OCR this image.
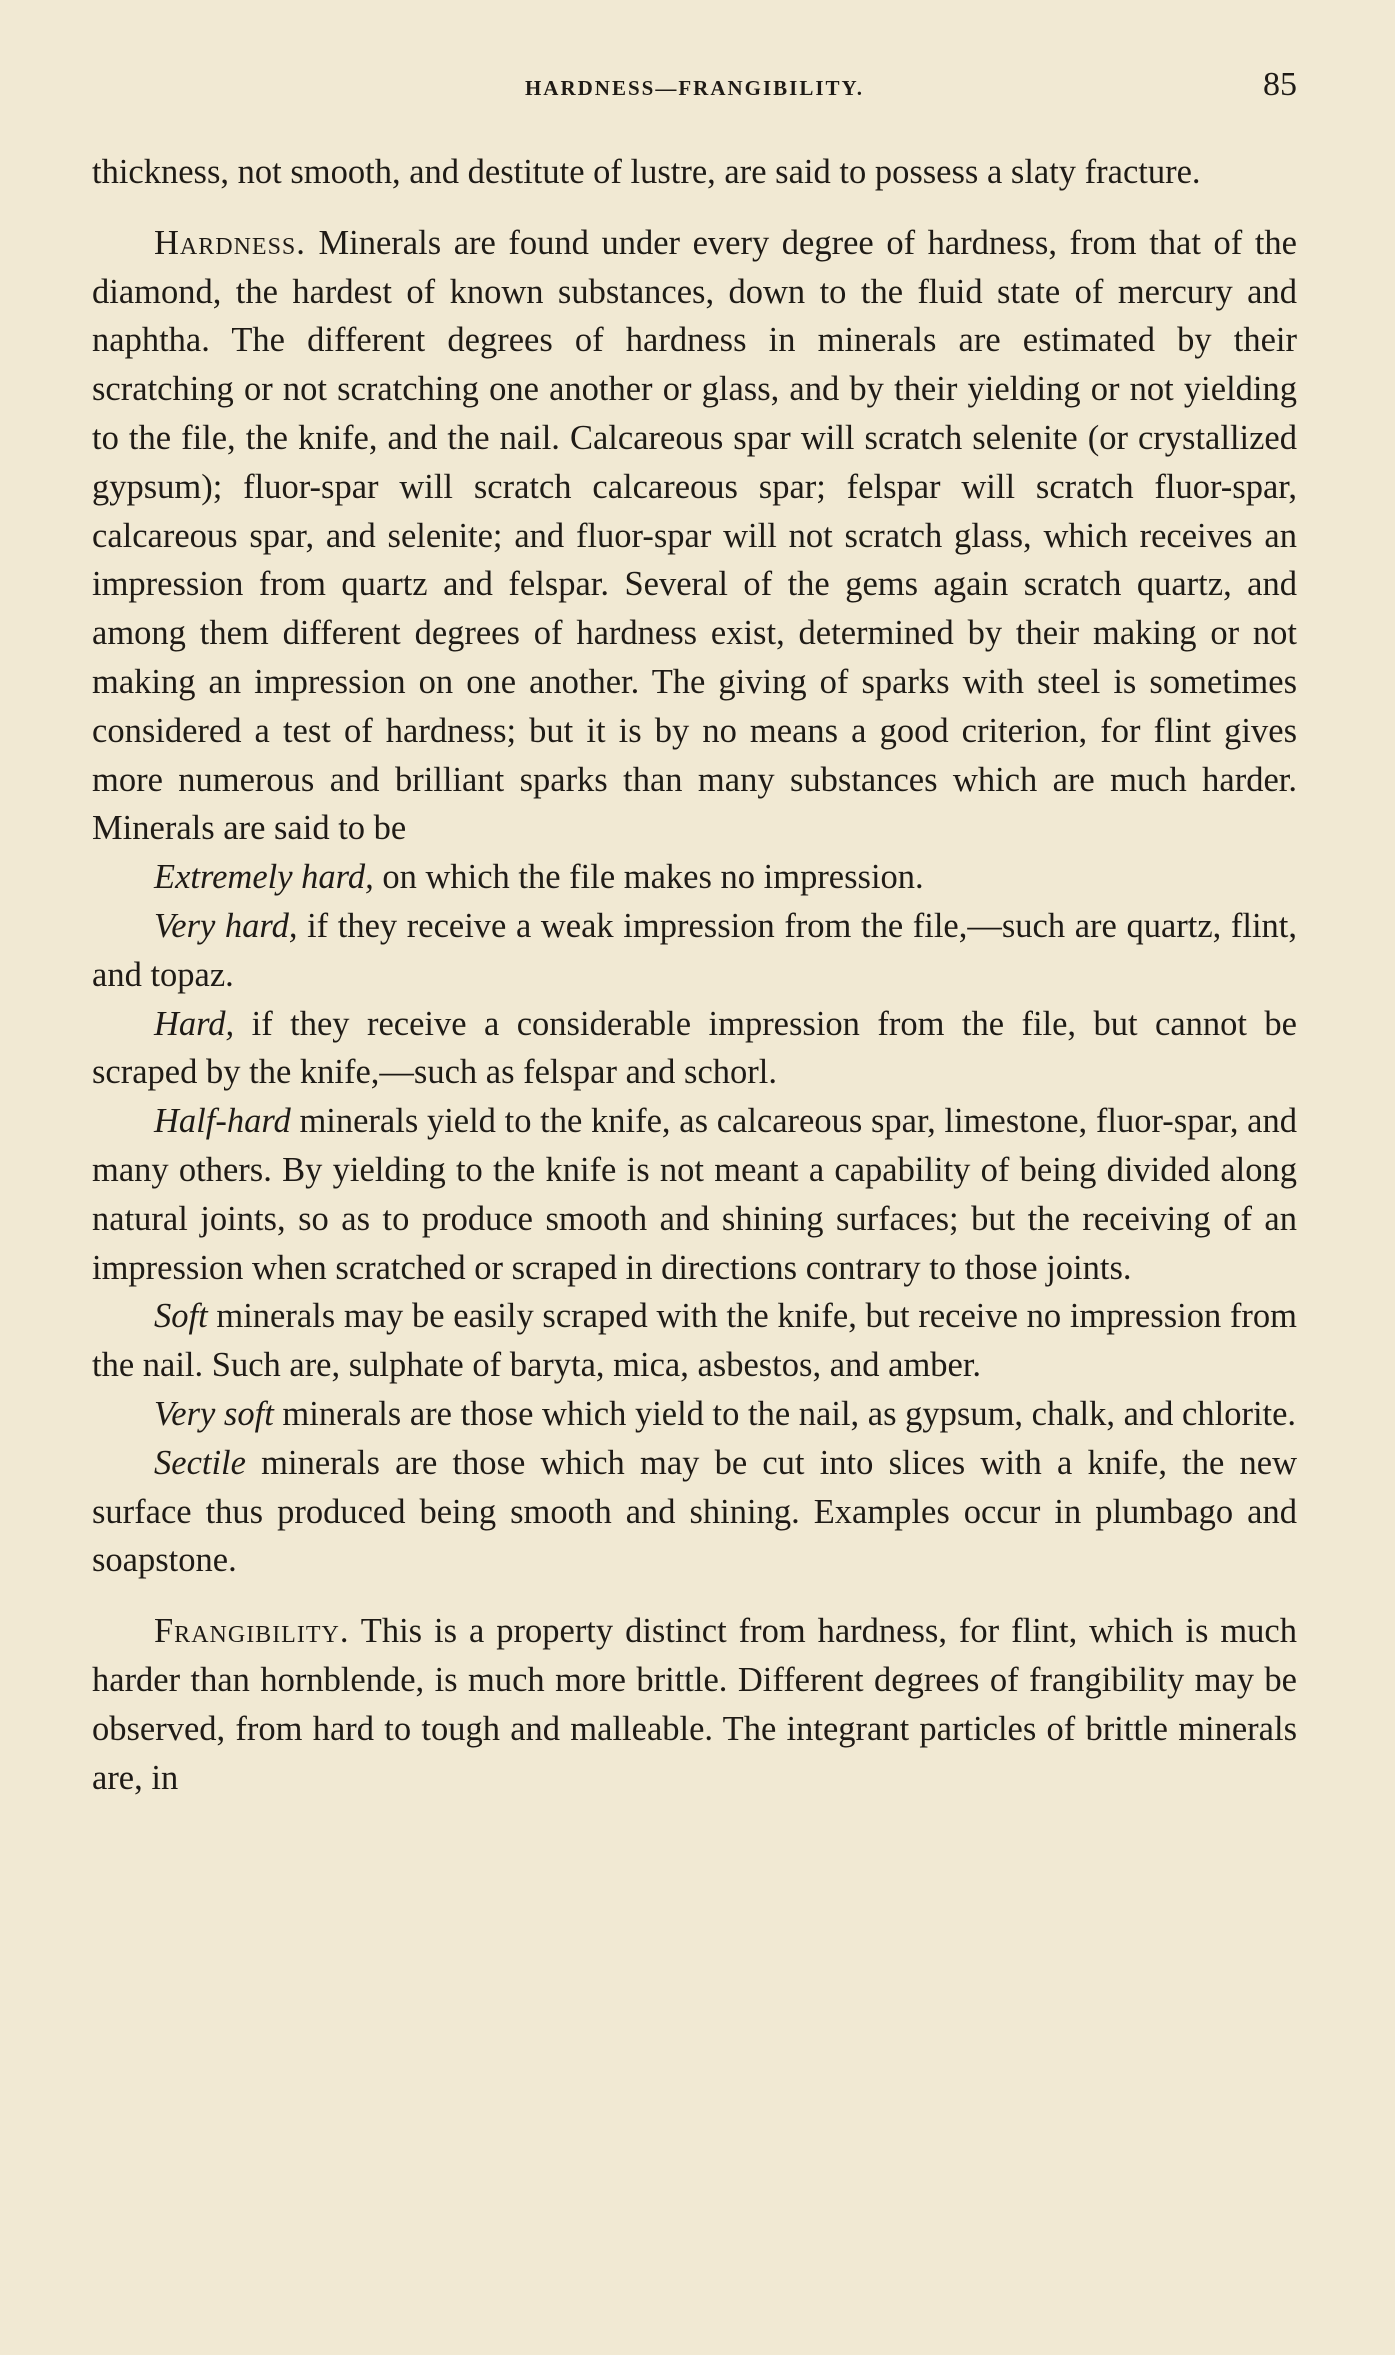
HARDNESS—FRANGIBILITY.	85

thickness, not smooth, and destitute of lustre, are said to possess a slaty fracture.

Hardness. Minerals are found under every degree of hardness, from that of the diamond, the hardest of known substances, down to the fluid state of mercury and naphtha. The different degrees of hardness in minerals are estimated by their scratching or not scratching one another or glass, and by their yielding or not yielding to the file, the knife, and the nail. Calcareous spar will scratch selenite (or crystallized gypsum); fluor-spar will scratch calcareous spar; felspar will scratch fluor-spar, calcareous spar, and selenite; and fluor-spar will not scratch glass, which receives an impression from quartz and felspar. Several of the gems again scratch quartz, and among them different degrees of hardness exist, determined by their making or not making an impression on one another. The giving of sparks with steel is sometimes considered a test of hardness; but it is by no means a good criterion, for flint gives more numerous and brilliant sparks than many substances which are much harder. Minerals are said to be

Extremely hard, on which the file makes no impression.

Very hard, if they receive a weak impression from the file,—such are quartz, flint, and topaz.

Hard, if they receive a considerable impression from the file, but cannot be scraped by the knife,—such as felspar and schorl.

Half-hard minerals yield to the knife, as calcareous spar, limestone, fluor-spar, and many others. By yielding to the knife is not meant a capability of being divided along natural joints, so as to produce smooth and shining surfaces; but the receiving of an impression when scratched or scraped in directions contrary to those joints.

Soft minerals may be easily scraped with the knife, but receive no impression from the nail. Such are, sulphate of baryta, mica, asbestos, and amber.

Very soft minerals are those which yield to the nail, as gypsum, chalk, and chlorite.

Sectile minerals are those which may be cut into slices with a knife, the new surface thus produced being smooth and shining. Examples occur in plumbago and soapstone.

Frangibility. This is a property distinct from hardness, for flint, which is much harder than hornblende, is much more brittle. Different degrees of frangibility may be observed, from hard to tough and malleable. The integrant particles of brittle minerals are, in
